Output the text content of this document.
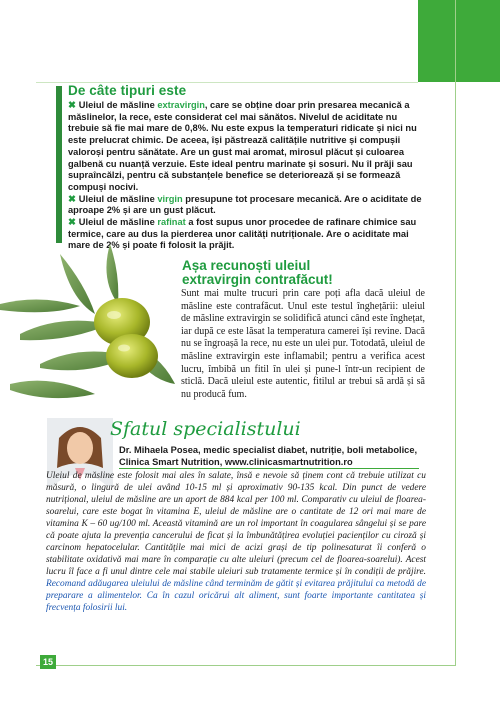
De câte tipuri este

✖ Uleiul de măsline extravirgin, care se obține doar prin presarea mecanică a măslinelor, la rece, este considerat cel mai sănătos. Nivelul de aciditate nu trebuie să fie mai mare de 0,8%. Nu este expus la temperaturi ridicate și nici nu este prelucrat chimic. De aceea, își păstrează calitățile nutritive și compușii valoroși pentru sănătate. Are un gust mai aromat, mirosul plăcut și culoarea galbenă cu nuanță verzuie. Este ideal pentru marinate și sosuri. Nu îl prăji sau supraîncălzi, pentru că substanțele benefice se deteriorează și se formează compuși nocivi.

✖ Uleiul de măsline virgin presupune tot procesare mecanică. Are o aciditate de aproape 2% și are un gust plăcut.

✖ Uleiul de măsline rafinat a fost supus unor procedee de rafinare chimice sau termice, care au dus la pierderea unor calități nutriționale. Are o aciditate mai mare de 2% și poate fi folosit la prăjit.

Așa recunoști uleiul
extravirgin contrafăcut!
Sunt mai multe trucuri prin care poți afla dacă uleiul de măsline este contrafăcut. Unul este testul înghețării: uleiul de măsline extravirgin se solidifică atunci când este înghețat, iar după ce este lăsat la temperatura camerei își revine. Dacă nu se îngroașă la rece, nu este un ulei pur. Totodată, uleiul de măsline extravirgin este inflamabil; pentru a verifica acest lucru, îmbibă un fitil în ulei și pune-l într-un recipient de sticlă. Dacă uleiul este autentic, fitilul ar trebui să ardă și să nu producă fum.
Sfatul specialistului
Dr. Mihaela Posea, medic specialist diabet, nutriție, boli metabolice,
Clinica Smart Nutrition, www.clinicasmartnutrition.ro
Uleiul de măsline este folosit mai ales în salate, însă e nevoie să ținem cont că trebuie utilizat cu măsură, o lingură de ulei având 10-15 ml și aproximativ 90-135 kcal. Din punct de vedere nutrițional, uleiul de măsline are un aport de 884 kcal per 100 ml. Comparativ cu uleiul de floarea-soarelui, care este bogat în vitamina E, uleiul de măsline are o cantitate de 12 ori mai mare de vitamina K – 60 ug/100 ml. Această vitamină are un rol important în coagularea sângelui și se pare că poate ajuta la prevenția cancerului de ficat și la îmbunătățirea evoluției pacienților cu ciroză și carcinom hepatocelular. Cantitățile mai mici de acizi grași de tip polinesaturat îi conferă o stabilitate oxidativă mai mare în comparație cu alte uleiuri (precum cel de floarea-soarelui). Acest lucru îl face a fi unul dintre cele mai stabile uleiuri sub tratamente termice și în condiții de prăjire. Recomand adăugarea uleiului de măsline când terminăm de gătit și evitarea prăjitului ca metodă de preparare a alimentelor. Ca în cazul oricărui alt aliment, sunt foarte importante cantitatea și frecvența folosirii lui.
15
